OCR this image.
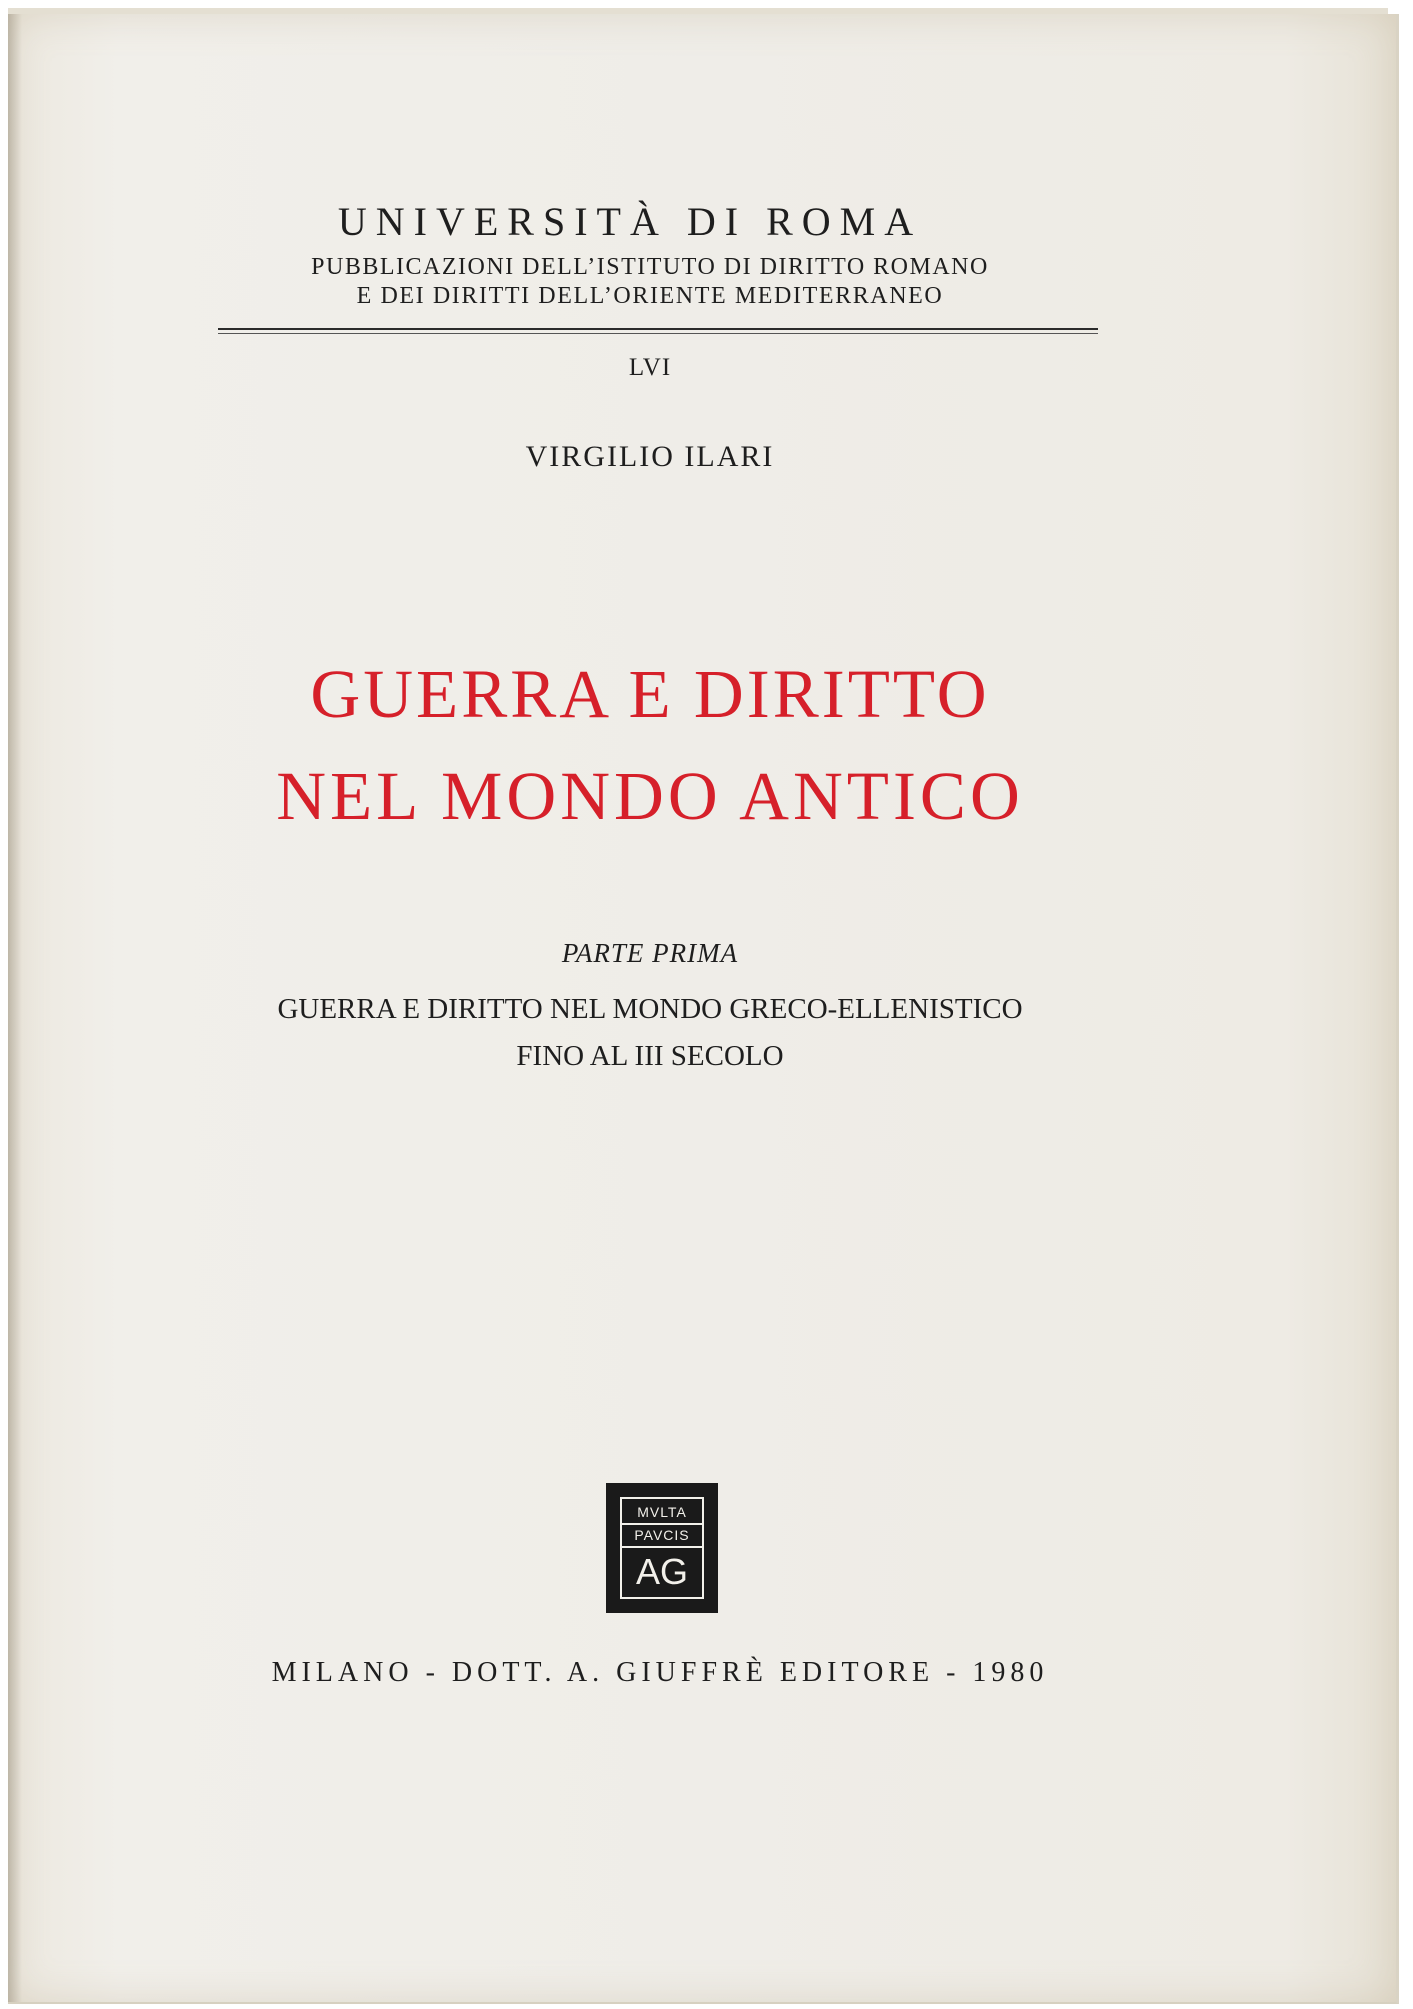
UNIVERSITÀ DI ROMA
PUBBLICAZIONI DELL’ISTITUTO DI DIRITTO ROMANO
E DEI DIRITTI DELL’ORIENTE MEDITERRANEO
LVI
VIRGILIO ILARI
GUERRA E DIRITTO
NEL MONDO ANTICO
PARTE PRIMA
GUERRA E DIRITTO NEL MONDO GRECO-ELLENISTICO
FINO AL III SECOLO
MVLTA
PAVCIS
AG
MILANO - DOTT. A. GIUFFRÈ EDITORE - 1980
